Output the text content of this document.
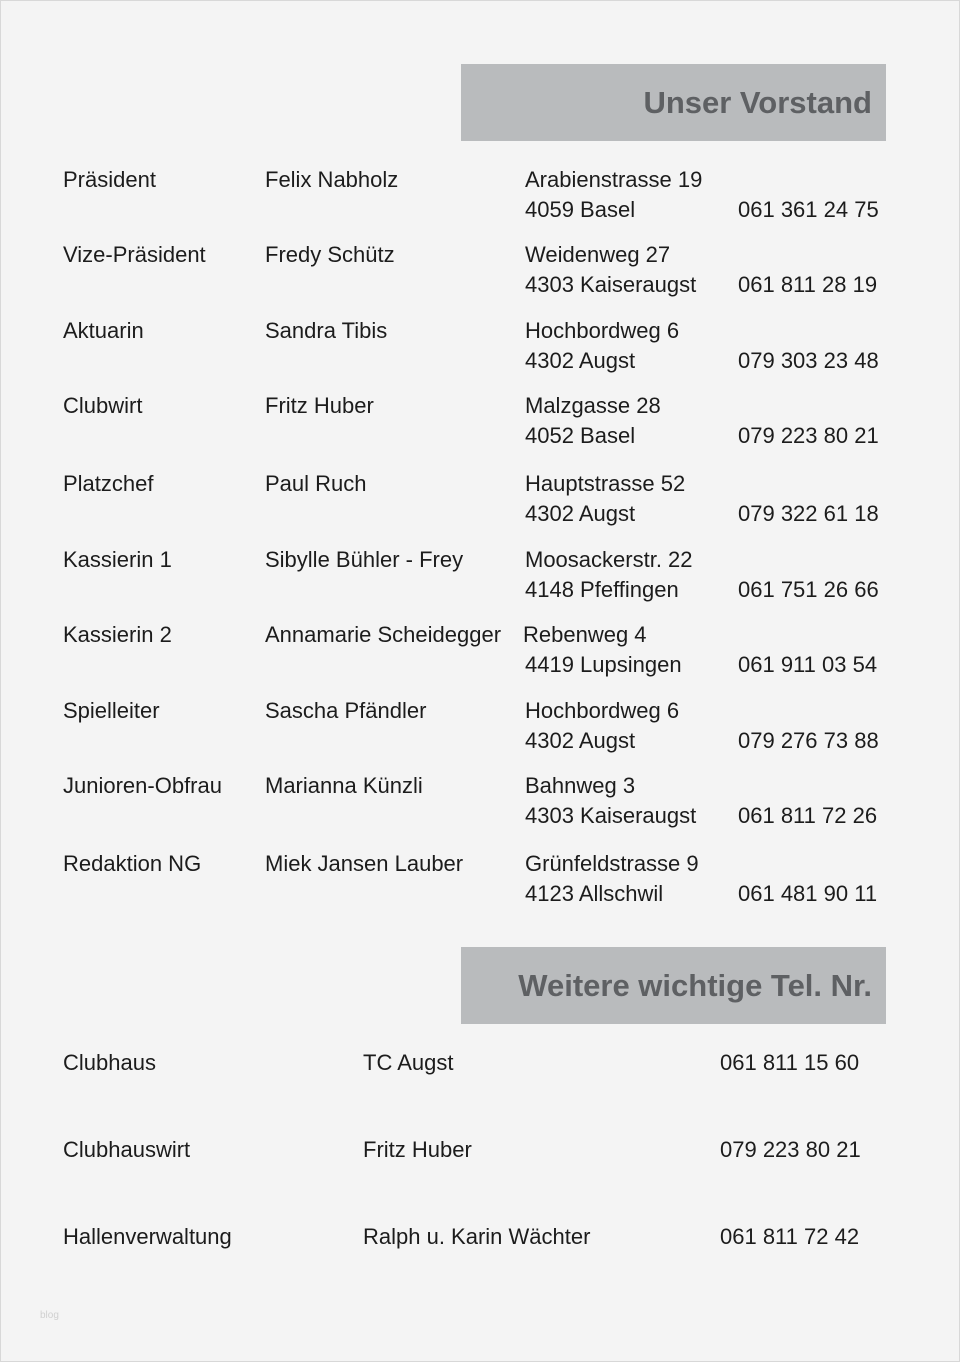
Unser Vorstand
Präsident	Felix Nabholz	Arabienstrasse 19
4059 Basel	061 361 24 75
Vize-Präsident	Fredy Schütz	Weidenweg 27
4303 Kaiseraugst 061 811 28 19
Aktuarin	Sandra Tibis	Hochbordweg 6
4302 Augst	079 303 23 48
Clubwirt	Fritz Huber	Malzgasse 28
4052 Basel	079 223 80 21
Platzchef	Paul Ruch	Hauptstrasse 52
4302 Augst	079 322 61 18
Kassierin 1	Sibylle Bühler - Frey	Moosackerstr. 22
4148 Pfeffingen	061 751 26 66
Kassierin 2	Annamarie Scheidegger Rebenweg 4
4419 Lupsingen	061 911 03 54
Spielleiter	Sascha Pfändler	Hochbordweg 6
4302 Augst	079 276 73 88
Junioren-Obfrau Marianna Künzli	Bahnweg 3
4303 Kaiseraugst 061 811 72 26
Redaktion NG	Miek Jansen Lauber	Grünfeldstrasse 9
4123 Allschwil	061 481 90 11
Weitere wichtige Tel. Nr.
Clubhaus	TC Augst	061 811 15 60
Clubhauswirt	Fritz Huber	079 223 80 21
Hallenverwaltung	Ralph u. Karin Wächter	061 811 72 42
blog
